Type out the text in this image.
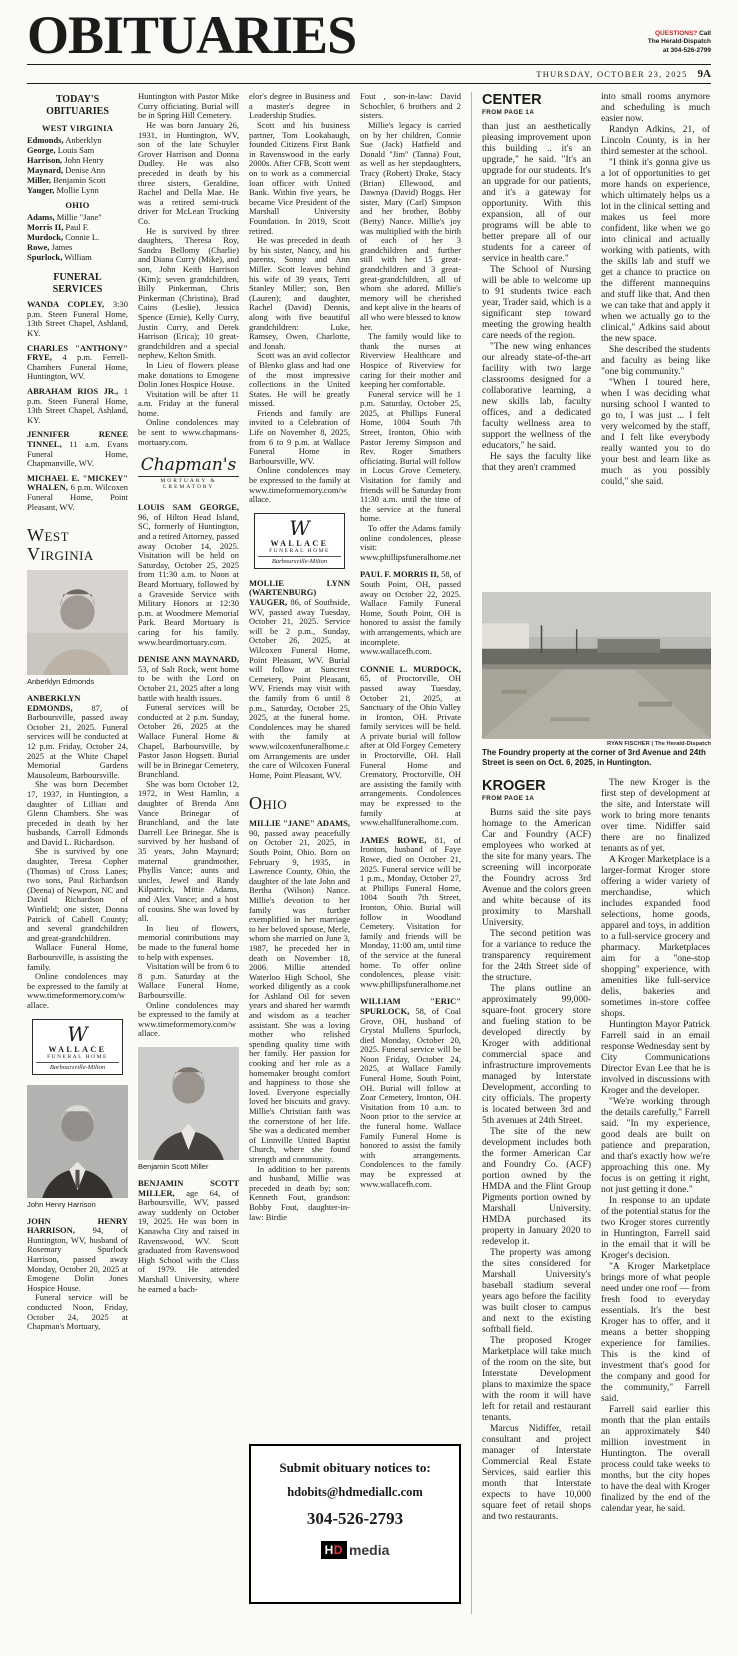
OBITUARIES	QUESTIONS? Call
The Herald-Dispatch
at 304-526-2799
THURSDAY, OCTOBER 23, 2025 9A
TODAY'S OBITUARIES
WEST VIRGINIA

Edmonds, Anberklyn

George, Louis Sam

Harrison, John Henry

Maynard, Denise Ann

Miller, Benjamin Scott

Yauger, Mollie Lynn

OHIO

Adams, Millie "Jane"

Morris II, Paul F.

Murdock, Connie L.

Rowe, James

Spurlock, William

FUNERAL SERVICES

WANDA COPLEY, 3:30 p.m. Steen Funeral Home, 13th Street Chapel, Ashland, KY.

CHARLES "ANTHONY" FRYE, 4 p.m. Ferrell-Chambers Funeral Home, Huntington, WV.

ABRAHAM RIOS JR., 1 p.m. Steen Funeral Home, 13th Street Chapel, Ashland, KY.

JENNIFER RENEE TINNEL, 11 a.m. Evans Funeral Home, Chapmanville, WV.

MICHAEL E. "MICKEY" WHALEN, 6 p.m. Wilcoxen Funeral Home, Point Pleasant, WV.

West Virginia
Anberklyn Edmonds

ANBERKLYN EDMONDS, 87, of Barboursville, passed away October 21, 2025. Funeral services will be conducted at 12 p.m. Friday, October 24, 2025 at the White Chapel Memorial Gardens Mausoleum, Barboursville.

She was born December 17, 1937, in Huntington, a daughter of Lillian and Glenn Chambers. She was preceded in death by her husbands, Carroll Edmonds and David L. Richardson.

She is survived by one daughter, Teresa Copher (Thomas) of Cross Lanes; two sons, Paul Richardson (Deena) of Newport, NC and David Richardson of Winfield; one sister, Donna Patrick of Cabell County; and several grandchildren and great-grandchildren.

Wallace Funeral Home, Barboursville, is assisting the family.

Online condolences may be expressed to the family at www.timeformemory.com/wallace.

W
WALLACE
FUNERAL HOME
Barboursville-Milton
John Henry Harrison

JOHN HENRY HARRISON, 94, of Huntington, WV, husband of Rosemary Spurlock Harrison, passed away Monday, October 20, 2025 at Emogene Dolin Jones Hospice House.

Funeral service will be conducted Noon, Friday, October 24, 2025 at Chapman's Mortuary,

Huntington with Pastor Mike Curry officiating. Burial will be in Spring Hill Cemetery.

He was born January 26, 1931, in Huntington, WV, son of the late Schuyler Grover Harrison and Donna Dudley. He was also preceded in death by his three sisters, Geraldine, Rachel and Della Mae. He was a retired semi-truck driver for McLean Trucking Co.

He is survived by three daughters, Theresa Roy, Sandra Bellomy (Charlie) and Diana Curry (Mike), and son, John Keith Harrison (Kim); seven grandchildren, Billy Pinkerman, Chris Pinkerman (Christina), Brad Cains (Leslie), Jessica Spence (Ernie), Kelly Curry, Justin Curry, and Derek Harrison (Erica); 10 great-grandchildren and a special nephew, Kelton Smith.

In Lieu of flowers please make donations to Emogene Dolin Jones Hospice House.

Visitation will be after 11 a.m. Friday at the funeral home.

Online condolences may be sent to www.chapmans-mortuary.com.

Chapman's
MORTUARY & CREMATORY

LOUIS SAM GEORGE, 96, of Hilton Head Island, SC, formerly of Huntington, and a retired Attorney, passed away October 14, 2025. Visitation will be held on Saturday, October 25, 2025 from 11:30 a.m. to Noon at Beard Mortuary, followed by a Graveside Service with Military Honors at 12:30 p.m. at Woodmere Memorial Park. Beard Mortuary is caring for his family. www.beardmortuary.com.

DENISE ANN MAYNARD, 53, of Salt Rock, went home to be with the Lord on October 21, 2025 after a long battle with health issues.

Funeral services will be conducted at 2 p.m. Sunday, October 26, 2025 at the Wallace Funeral Home & Chapel, Barboursville, by Pastor Jason Hogsett. Burial will be in Brinegar Cemetery, Branchland.

She was born October 12, 1972, in West Hamlin, a daughter of Brenda Ann Vance Brinegar of Branchland, and the late Darrell Lee Brinegar. She is survived by her husband of 35 years, John Maynard; maternal grandmother, Phyllis Vance; aunts and uncles, Jewel and Randy Kilpatrick, Mittie Adams, and Alex Vance; and a host of cousins. She was loved by all.

In lieu of flowers, memorial contributions may be made to the funeral home to help with expenses.

Visitation will be from 6 to 8 p.m. Saturday at the Wallace Funeral Home, Barboursville.

Online condolences may be expressed to the family at www.timeformemory.com/wallace.

Benjamin Scott Miller

BENJAMIN SCOTT MILLER, age 64, of Barboursville, WV, passed away suddenly on October 19, 2025. He was born in Kanawha City and raised in Ravenswood, WV. Scott graduated from Ravenswood High School with the Class of 1979. He attended Marshall University, where he earned a bach-

elor's degree in Business and a master's degree in Leadership Studies.

Scott and his business partner, Tom Lookabaugh, founded Citizens First Bank in Ravenswood in the early 2000s. After CFB, Scott went on to work as a commercial loan officer with United Bank. Within five years, he became Vice President of the Marshall University Foundation. In 2019, Scott retired.

He was preceded in death by his sister, Nancy, and his parents, Sonny and Ann Miller. Scott leaves behind his wife of 39 years, Terri Stanley Miller; son, Ben (Lauren); and daughter, Rachel (David) Dennis, along with five beautiful grandchildren: Luke, Ramsey, Owen, Charlotte, and Jonah.

Scott was an avid collector of Blenko glass and had one of the most impressive collections in the United States. He will be greatly missed.

Friends and family are invited to a Celebration of Life on November 8, 2025, from 6 to 9 p.m. at Wallace Funeral Home in Barboursville, WV.

Online condolences may be expressed to the family at www.timeformemory.com/wallace.

W
WALLACE
FUNERAL HOME
Barboursville-Milton

MOLLIE LYNN (WARTENBURG) YAUGER, 86, of Southside, WV, passed away Tuesday, October 21, 2025. Service will be 2 p.m., Sunday, October 26, 2025, at Wilcoxen Funeral Home, Point Pleasant, WV. Burial will follow at Suncrest Cemetery, Point Pleasant, WV. Friends may visit with the family from 6 until 8 p.m., Saturday, October 25, 2025, at the funeral home. Condolences may be shared with the family at www.wilcoxenfuneralhome.com Arrangements are under the care of Wilcoxen Funeral Home, Point Pleasant, WV.

Ohio

MILLIE "JANE" ADAMS, 90, passed away peacefully on October 21, 2025, in South Point, Ohio. Born on February 9, 1935, in Lawrence County, Ohio, the daughter of the late John and Bertha (Wilson) Nance. Millie's devotion to her family was further exemplified in her marriage to her beloved spouse, Merle, whom she married on June 3, 1987, he preceded her in death on November 18, 2006. Millie attended Waterloo High School, She worked diligently as a cook for Ashland Oil for seven years and shared her warmth and wisdom as a teacher assistant. She was a loving mother who relished spending quality time with her family. Her passion for cooking and her role as a homemaker brought comfort and happiness to those she loved. Everyone especially loved her biscuits and gravy. Millie's Christian faith was the cornerstone of her life. She was a dedicated member of Linnville United Baptist Church, where she found strength and community.

In addition to her parents and husband, Millie was preceded in death by; son: Kenneth Fout, grandson: Bobby Fout, daughter-in-law: Birdie

Fout , son-in-law: David Schochler, 6 brothers and 2 sisters.

Millie's legacy is carried on by her children, Connie Sue (Jack) Hatfield and Donald "Jim" (Tanna) Fout, as well as her stepdaughters, Tracy (Robert) Drake, Stacy (Brian) Ellewood, and Dawnya (David) Boggs. Her sister, Mary (Carl) Simpson and her brother, Bobby (Betty) Nance. Millie's joy was multiplied with the birth of each of her 3 grandchildren and further still with her 15 great-grandchildren and 3 great-great-grandchildren, all of whom she adored. Millie's memory will be cherished and kept alive in the hearts of all who were blessed to know her.

The family would like to thank the nurses at Riverview Healthcare and Hospice of Riverview for caring for their mother and keeping her comfortable.

Funeral service will be 1 p.m. Saturday, October 25, 2025, at Phillips Funeral Home, 1004 South 7th Street, Ironton, Ohio with Pastor Jeremy Simpson and Rev. Roger Smathers officiating. Burial will follow in Locus Grove Cemetery. Visitation for family and friends will be Saturday from 11:30 a.m. until the time of the service at the funeral home.

To offer the Adams family online condolences, please visit: www.phillipsfuneralhome.net

PAUL F. MORRIS II, 58, of South Point, OH, passed away on October 22, 2025. Wallace Family Funeral Home, South Point, OH is honored to assist the family with arrangements, which are incomplete. www.wallacefh.com.

CONNIE L. MURDOCK, 65, of Proctorville, OH passed away Tuesday, October 21, 2025, at Sanctuary of the Ohio Valley in Ironton, OH. Private family services will be held. A private burial will follow after at Old Forgey Cemetery in Proctorville, OH. Hall Funeral Home and Crematory, Proctorville, OH are assisting the family with arrangements. Condolences may be expressed to the family at www.ehallfuneralhome.com.

JAMES ROWE, 81, of Ironton, husband of Faye Rowe, died on October 21, 2025. Funeral service will be 1 p.m., Monday, October 27, at Phillips Funeral Home, 1004 South 7th Street, Ironton, Ohio. Burial will follow in Woodland Cemetery. Visitation for family and friends will be Monday, 11:00 am, until time of the service at the funeral home. To offer online condolences, please visit: www.phillipsfuneralhome.net

WILLIAM "ERIC" SPURLOCK, 58, of Coal Grove, OH, husband of Crystal Mullens Spurlock, died Monday, October 20, 2025. Funeral service will be Noon Friday, October 24, 2025, at Wallace Family Funeral Home, South Point, OH. Burial will follow at Zoar Cemetery, Ironton, OH. Visitation from 10 a.m. to Noon prior to the service at the funeral home. Wallace Family Funeral Home is honored to assist the family with arrangements. Condolences to the family may be expressed at www.wallacefh.com.

Submit obituary notices to:
hdobits@hdmediallc.com
304-526-2793
HD media
CENTER
FROM PAGE 1A

than just an aesthetically pleasing improvement upon this building .. it's an upgrade," he said. "It's an upgrade for our students. It's an upgrade for our patients, and it's a gateway for opportunity. With this expansion, all of our programs will be able to better prepare all of our students for a career of service in health care."

The School of Nursing will be able to welcome up to 91 students twice each year, Trader said, which is a significant step toward meeting the growing health care needs of the region.

"The new wing enhances our already state-of-the-art facility with two large classrooms designed for a collaborative learning, a new skills lab, faculty offices, and a dedicated faculty wellness area to support the wellness of the educators," he said.

He says the faculty like that they aren't crammed

into small rooms anymore and scheduling is much easier now.

Randyn Adkins, 21, of Lincoln County, is in her third semester at the school.

"I think it's gonna give us a lot of opportunities to get more hands on experience, which ultimately helps us a lot in the clinical setting and makes us feel more confident, like when we go into clinical and actually working with patients, with the skills lab and stuff we get a chance to practice on the different mannequins and stuff like that. And then we can take that and apply it when we actually go to the clinical," Adkins said about the new space.

She described the students and faculty as being like "one big community."

"When I toured here, when I was deciding what nursing school I wanted to go to, I was just ... I felt very welcomed by the staff, and I felt like everybody really wanted you to do your best and learn like as much as you possibly could," she said.

RYAN FISCHER | The Herald-Dispatch
The Foundry property at the corner of 3rd Avenue and 24th Street is seen on Oct. 6, 2025, in Huntington.
KROGER
FROM PAGE 1A

Burns said the site pays homage to the American Car and Foundry (ACF) employees who worked at the site for many years. The screening will incorporate the Foundry across 3rd Avenue and the colors green and white because of its proximity to Marshall University.

The second petition was for a variance to reduce the transparency requirement for the 24th Street side of the structure.

The plans outline an approximately 99,000-square-foot grocery store and fueling station to be developed directly by Kroger with additional commercial space and infrastructure improvements managed by Interstate Development, according to city officials. The property is located between 3rd and 5th avenues at 24th Street.

The site of the new development includes both the former American Car and Foundry Co. (ACF) portion owned by the HMDA and the Flint Group Pigments portion owned by Marshall University. HMDA purchased its property in January 2020 to redevelop it.

The property was among the sites considered for Marshall University's baseball stadium several years ago before the facility was built closer to campus and next to the existing softball field.

The proposed Kroger Marketplace will take much of the room on the site, but Interstate Development plans to maximize the space with the room it will have left for retail and restaurant tenants.

Marcus Nidiffer, retail consultant and project manager of Interstate Commercial Real Estate Services, said earlier this month that Interstate expects to have 10,000 square feet of retail shops and two restaurants.

The new Kroger is the first step of development at the site, and Interstate will work to bring more tenants over time. Nidiffer said there are no finalized tenants as of yet.

A Kroger Marketplace is a larger-format Kroger store offering a wider variety of merchandise, which includes expanded food selections, home goods, apparel and toys, in addition to a full-service grocery and pharmacy. Marketplaces aim for a "one-stop shopping" experience, with amenities like full-service delis, bakeries and sometimes in-store coffee shops.

Huntington Mayor Patrick Farrell said in an email response Wednesday sent by City Communications Director Evan Lee that he is involved in discussions with Kroger and the developer.

"We're working through the details carefully," Farrell said. "In my experience, good deals are built on patience and preparation, and that's exactly how we're approaching this one. My focus is on getting it right, not just getting it done."

In response to an update of the potential status for the two Kroger stores currently in Huntington, Farrell said in the email that it will be Kroger's decision.

"A Kroger Marketplace brings more of what people need under one roof — from fresh food to everyday essentials. It's the best Kroger has to offer, and it means a better shopping experience for families. This is the kind of investment that's good for the company and good for the community," Farrell said.

Farrell said earlier this month that the plan entails an approximately $40 million investment in Huntington. The overall process could take weeks to months, but the city hopes to have the deal with Kroger finalized by the end of the calendar year, he said.
